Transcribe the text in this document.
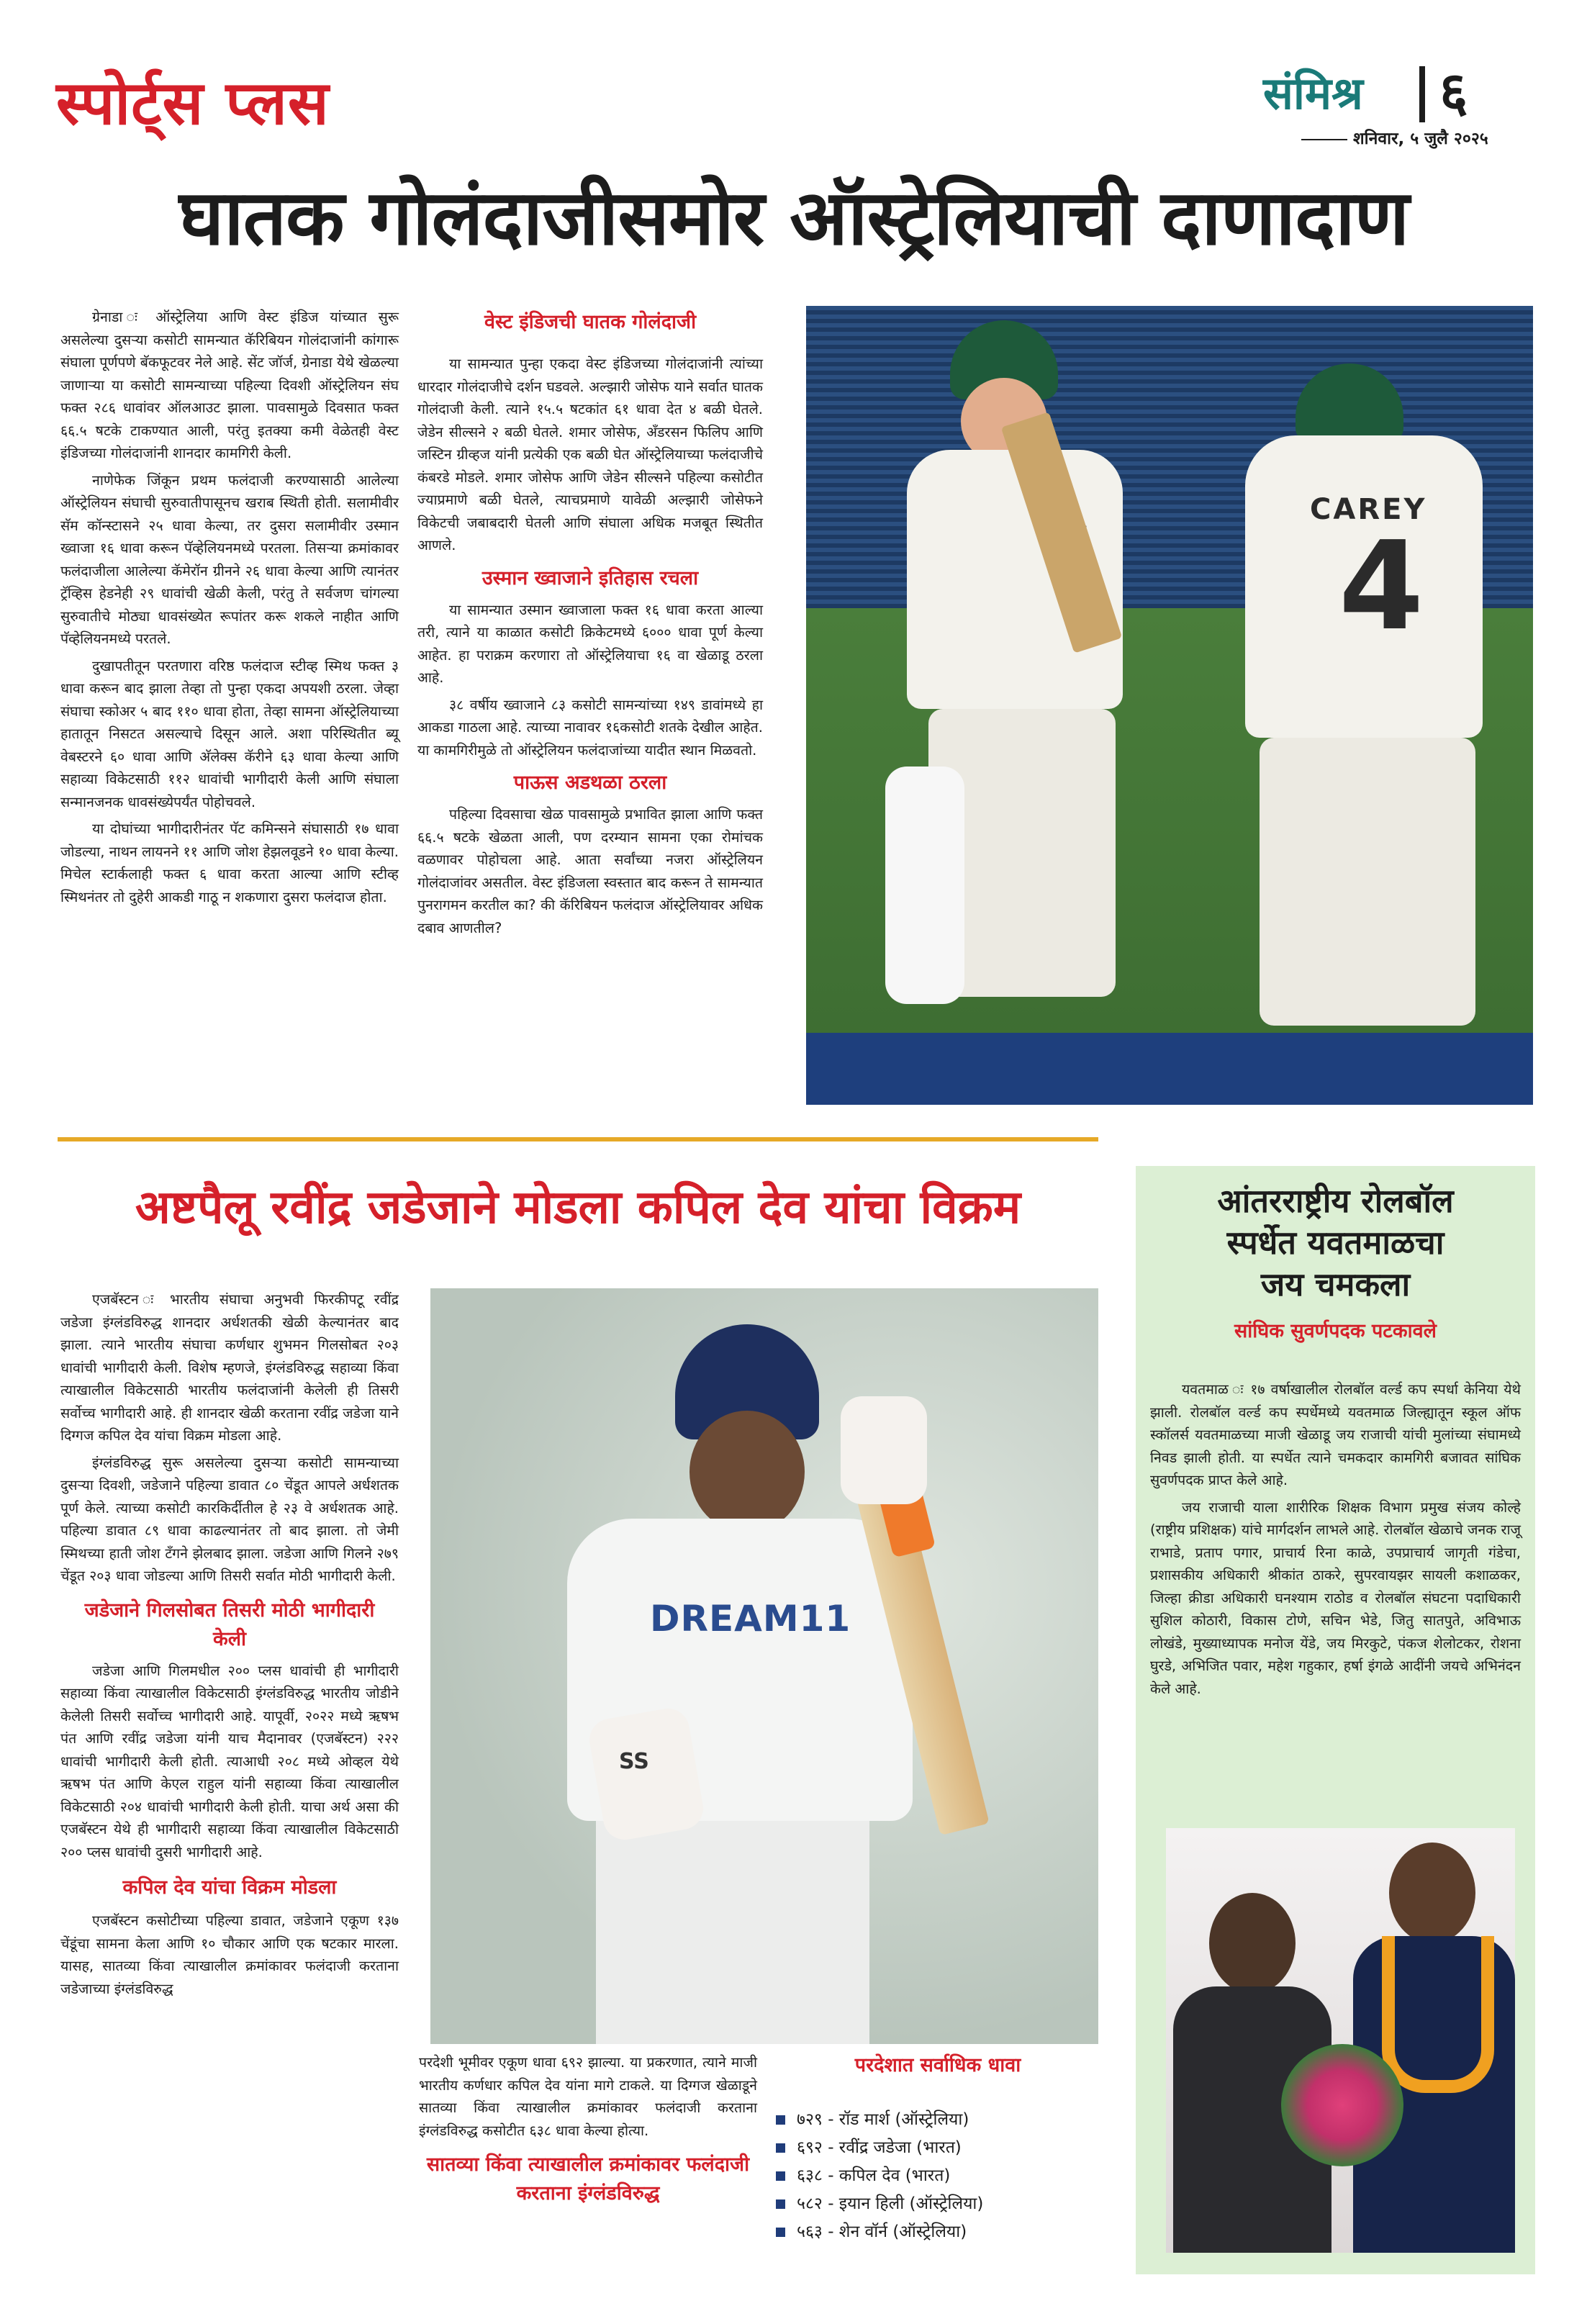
स्पोर्ट्स प्लस	संमिश्र ६
शनिवार, ५ जुलै २०२५
घातक गोलंदाजीसमोर ऑस्ट्रेलियाची दाणादाण

ग्रेनाडा ः ऑस्ट्रेलिया आणि वेस्ट इंडिज यांच्यात सुरू असलेल्या दुसऱ्या कसोटी सामन्यात कॅरिबियन गोलंदाजांनी कांगारू संघाला पूर्णपणे बॅकफूटवर नेले आहे. सेंट जॉर्ज, ग्रेनाडा येथे खेळल्या जाणाऱ्या या कसोटी सामन्याच्या पहिल्या दिवशी ऑस्ट्रेलियन संघ फक्त २८६ धावांवर ऑलआउट झाला. पावसामुळे दिवसात फक्त ६६.५ षटके टाकण्यात आली, परंतु इतक्या कमी वेळेतही वेस्ट इंडिजच्या गोलंदाजांनी शानदार कामगिरी केली.

नाणेफेक जिंकून प्रथम फलंदाजी करण्यासाठी आलेल्या ऑस्ट्रेलियन संघाची सुरुवातीपासूनच खराब स्थिती होती. सलामीवीर सॅम कॉन्स्टासने २५ धावा केल्या, तर दुसरा सलामीवीर उस्मान ख्वाजा १६ धावा करून पॅव्हेलियनमध्ये परतला. तिसऱ्या क्रमांकावर फलंदाजीला आलेल्या कॅमेरॉन ग्रीनने २६ धावा केल्या आणि त्यानंतर ट्रॅव्हिस हेडनेही २९ धावांची खेळी केली, परंतु ते सर्वजण चांगल्या सुरुवातीचे मोठ्या धावसंख्येत रूपांतर करू शकले नाहीत आणि पॅव्हेलियनमध्ये परतले.

दुखापतीतून परतणारा वरिष्ठ फलंदाज स्टीव्ह स्मिथ फक्त ३ धावा करून बाद झाला तेव्हा तो पुन्हा एकदा अपयशी ठरला. जेव्हा संघाचा स्कोअर ५ बाद ११० धावा होता, तेव्हा सामना ऑस्ट्रेलियाच्या हातातून निसटत असल्याचे दिसून आले. अशा परिस्थितीत ब्यू वेबस्टरने ६० धावा आणि अ‍ॅलेक्स कॅरीने ६३ धावा केल्या आणि सहाव्या विकेटसाठी ११२ धावांची भागीदारी केली आणि संघाला सन्मानजनक धावसंख्येपर्यंत पोहोचवले.

या दोघांच्या भागीदारीनंतर पॅट कमिन्सने संघासाठी १७ धावा जोडल्या, नाथन लायनने ११ आणि जोश हेझलवूडने १० धावा केल्या. मिचेल स्टार्कलाही फक्त ६ धावा करता आल्या आणि स्टीव्ह स्मिथनंतर तो दुहेरी आकडी गाठू न शकणारा दुसरा फलंदाज होता.

वेस्ट इंडिजची घातक गोलंदाजी

या सामन्यात पुन्हा एकदा वेस्ट इंडिजच्या गोलंदाजांनी त्यांच्या धारदार गोलंदाजीचे दर्शन घडवले. अल्झारी जोसेफ याने सर्वात घातक गोलंदाजी केली. त्याने १५.५ षटकांत ६१ धावा देत ४ बळी घेतले. जेडेन सील्सने २ बळी घेतले. शमार जोसेफ, अँडरसन फिलिप आणि जस्टिन ग्रीव्हज यांनी प्रत्येकी एक बळी घेत ऑस्ट्रेलियाच्या फलंदाजीचे कंबरडे मोडले. शमार जोसेफ आणि जेडेन सील्सने पहिल्या कसोटीत ज्याप्रमाणे बळी घेतले, त्याचप्रमाणे यावेळी अल्झारी जोसेफने विकेटची जबाबदारी घेतली आणि संघाला अधिक मजबूत स्थितीत आणले.

उस्मान ख्वाजाने इतिहास रचला

या सामन्यात उस्मान ख्वाजाला फक्त १६ धावा करता आल्या तरी, त्याने या काळात कसोटी क्रिकेटमध्ये ६००० धावा पूर्ण केल्या आहेत. हा पराक्रम करणारा तो ऑस्ट्रेलियाचा १६ वा खेळाडू ठरला आहे.

३८ वर्षीय ख्वाजाने ८३ कसोटी सामन्यांच्या १४९ डावांमध्ये हा आकडा गाठला आहे. त्याच्या नावावर १६कसोटी शतके देखील आहेत. या कामगिरीमुळे तो ऑस्ट्रेलियन फलंदाजांच्या यादीत स्थान मिळवतो.

पाऊस अडथळा ठरला

पहिल्या दिवसाचा खेळ पावसामुळे प्रभावित झाला आणि फक्त ६६.५ षटके खेळता आली, पण दरम्यान सामना एका रोमांचक वळणावर पोहोचला आहे. आता सर्वांच्या नजरा ऑस्ट्रेलियन गोलंदाजांवर असतील. वेस्ट इंडिजला स्वस्तात बाद करून ते सामन्यात पुनरागमन करतील का? की कॅरिबियन फलंदाज ऑस्ट्रेलियावर अधिक दबाव आणतील?

CAREY
4
अष्टपैलू रवींद्र जडेजाने मोडला कपिल देव यांचा विक्रम

एजबॅस्टन ः भारतीय संघाचा अनुभवी फिरकीपटू रवींद्र जडेजा इंग्लंडविरुद्ध शानदार अर्धशतकी खेळी केल्यानंतर बाद झाला. त्याने भारतीय संघाचा कर्णधार शुभमन गिलसोबत २०३ धावांची भागीदारी केली. विशेष म्हणजे, इंग्लंडविरुद्ध सहाव्या किंवा त्याखालील विकेटसाठी भारतीय फलंदाजांनी केलेली ही तिसरी सर्वोच्च भागीदारी आहे. ही शानदार खेळी करताना रवींद्र जडेजा याने दिग्गज कपिल देव यांचा विक्रम मोडला आहे.

इंग्लंडविरुद्ध सुरू असलेल्या दुसऱ्या कसोटी सामन्याच्या दुसऱ्या दिवशी, जडेजाने पहिल्या डावात ८० चेंडूत आपले अर्धशतक पूर्ण केले. त्याच्या कसोटी कारकिर्दीतील हे २३ वे अर्धशतक आहे. पहिल्या डावात ८९ धावा काढल्यानंतर तो बाद झाला. तो जेमी स्मिथच्या हाती जोश टँगने झेलबाद झाला. जडेजा आणि गिलने २७९ चेंडूत २०३ धावा जोडल्या आणि तिसरी सर्वात मोठी भागीदारी केली.

जडेजाने गिलसोबत तिसरी मोठी भागीदारी केली

जडेजा आणि गिलमधील २०० प्लस धावांची ही भागीदारी सहाव्या किंवा त्याखालील विकेटसाठी इंग्लंडविरुद्ध भारतीय जोडीने केलेली तिसरी सर्वोच्च भागीदारी आहे. यापूर्वी, २०२२ मध्ये ऋषभ पंत आणि रवींद्र जडेजा यांनी याच मैदानावर (एजबॅस्टन) २२२ धावांची भागीदारी केली होती. त्याआधी २०८ मध्ये ओव्हल येथे ऋषभ पंत आणि केएल राहुल यांनी सहाव्या किंवा त्याखालील विकेटसाठी २०४ धावांची भागीदारी केली होती. याचा अर्थ असा की एजबॅस्टन येथे ही भागीदारी सहाव्या किंवा त्याखालील विकेटसाठी २०० प्लस धावांची दुसरी भागीदारी आहे.

कपिल देव यांचा विक्रम मोडला

एजबॅस्टन कसोटीच्या पहिल्या डावात, जडेजाने एकूण १३७ चेंडूंचा सामना केला आणि १० चौकार आणि एक षटकार मारला. यासह, सातव्या किंवा त्याखालील क्रमांकावर फलंदाजी करताना जडेजाच्या इंग्लंडविरुद्ध

DREAM11
SS

परदेशी भूमीवर एकूण धावा ६९२ झाल्या. या प्रकरणात, त्याने माजी भारतीय कर्णधार कपिल देव यांना मागे टाकले. या दिग्गज खेळाडूने सातव्या किंवा त्याखालील क्रमांकावर फलंदाजी करताना इंग्लंडविरुद्ध कसोटीत ६३८ धावा केल्या होत्या.

सातव्या किंवा त्याखालील क्रमांकावर फलंदाजी करताना इंग्लंडविरुद्ध
परदेशात सर्वाधिक धावा
७२९ - रॉड मार्श (ऑस्ट्रेलिया)
६९२ - रवींद्र जडेजा (भारत)
६३८ - कपिल देव (भारत)
५८२ - इयान हिली (ऑस्ट्रेलिया)
५६३ - शेन वॉर्न (ऑस्ट्रेलिया)
आंतरराष्ट्रीय रोलबॉल
स्पर्धेत यवतमाळचा
जय चमकला
सांघिक सुवर्णपदक पटकावले

यवतमाळ ः १७ वर्षाखालील रोलबॉल वर्ल्ड कप स्पर्धा केनिया येथे झाली. रोलबॉल वर्ल्ड कप स्पर्धेमध्ये यवतमाळ जिल्ह्यातून स्कूल ऑफ स्कॉलर्स यवतमाळच्या माजी खेळाडू जय राजाची यांची मुलांच्या संघामध्ये निवड झाली होती. या स्पर्धेत त्याने चमकदार कामगिरी बजावत सांघिक सुवर्णपदक प्राप्त केले आहे.

जय राजाची याला शारीरिक शिक्षक विभाग प्रमुख संजय कोल्हे (राष्ट्रीय प्रशिक्षक) यांचे मार्गदर्शन लाभले आहे. रोलबॉल खेळाचे जनक राजू राभाडे, प्रताप पगार, प्राचार्य रिना काळे, उपप्राचार्य जागृती गंडेचा, प्रशासकीय अधिकारी श्रीकांत ठाकरे, सुपरवायझर सायली कशाळकर, जिल्हा क्रीडा अधिकारी घनश्याम राठोड व रोलबॉल संघटना पदाधिकारी सुशिल कोठारी, विकास टोणे, सचिन भेडे, जितु सातपुते, अविभाऊ लोखंडे, मुख्याध्यापक मनोज येंडे, जय मिरकुटे, पंकज शेलोटकर, रोशना घुरडे, अभिजित पवार, महेश गहुकार, हर्षा इंगळे आदींनी जयचे अभिनंदन केले आहे.
